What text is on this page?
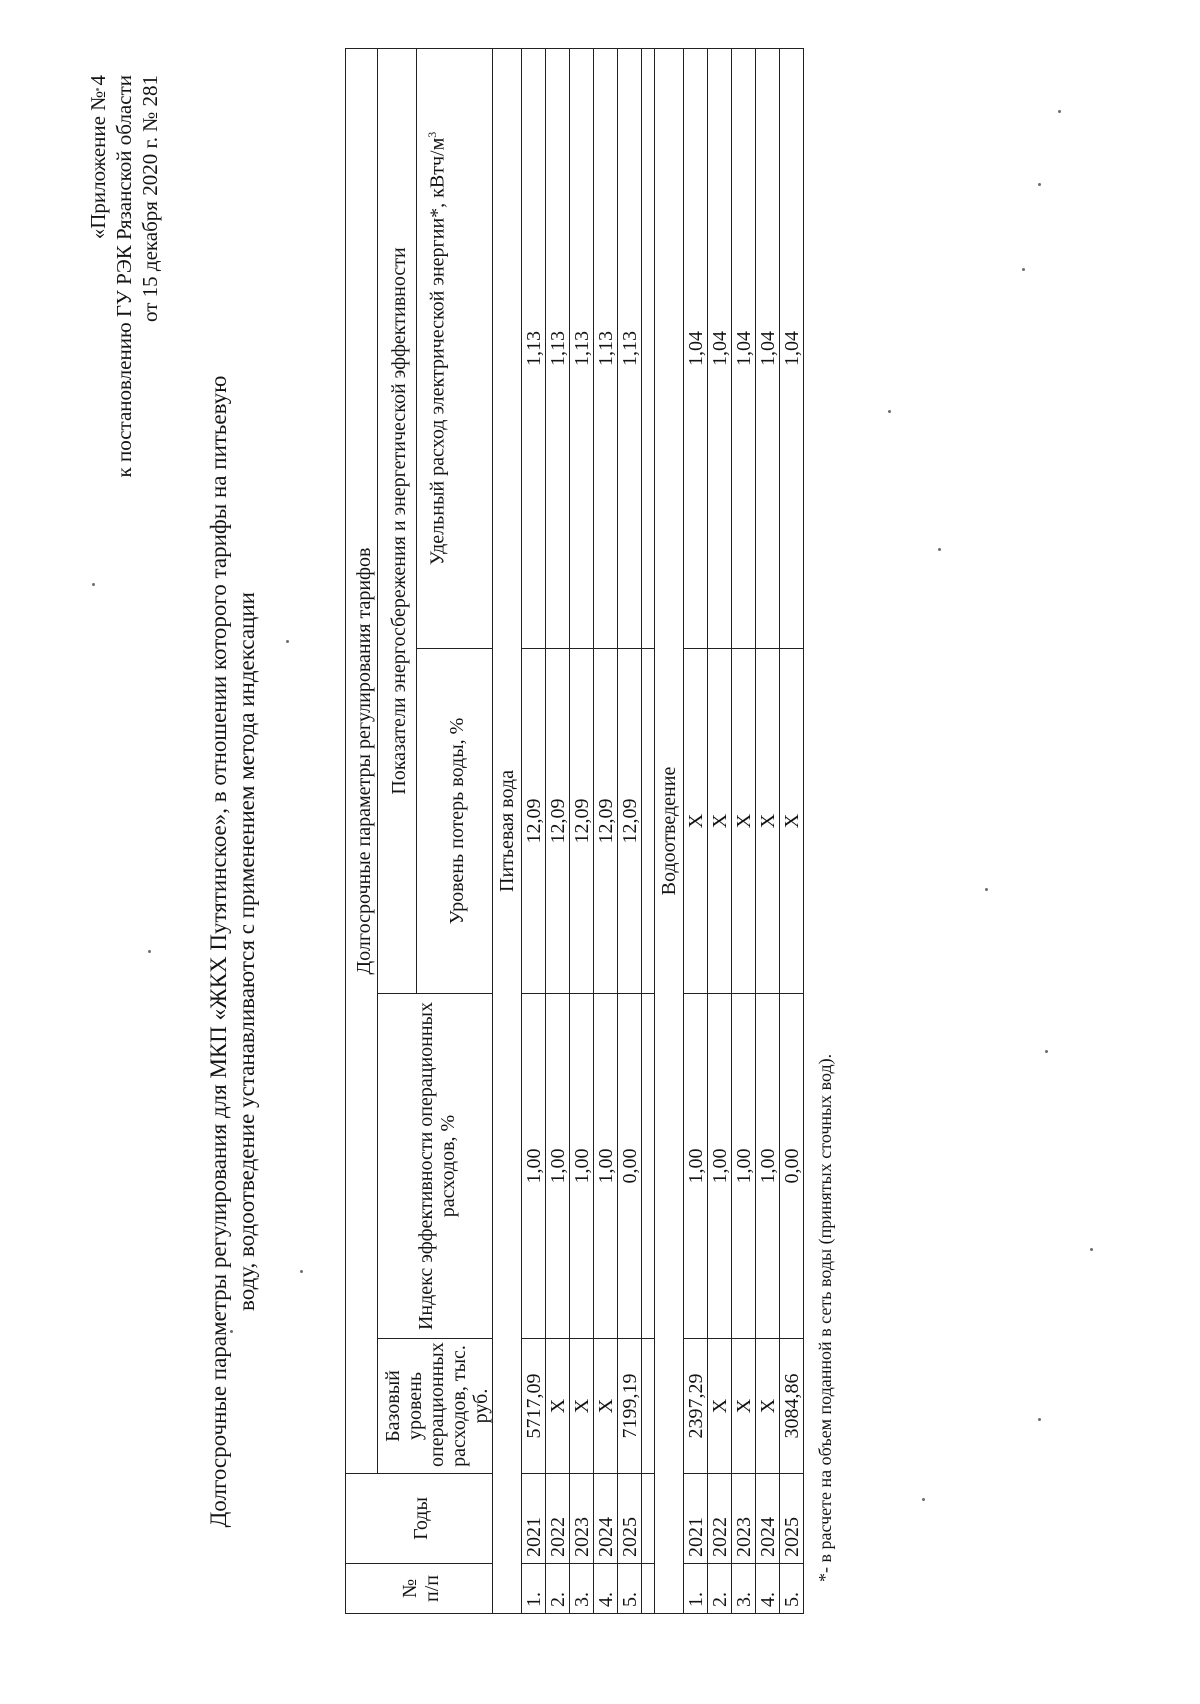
«Приложение № 4 к постановлению ГУ РЭК Рязанской области от 15 декабря 2020 г. № 281
Долгосрочные параметры регулирования для МКП «ЖКХ Путятинское», в отношении которого тарифы на питьевую воду, водоотведение устанавливаются с применением метода индексации
№ п/п	Годы	Долгосрочные параметры регулирования тарифов			
		Базовый уровень операционных расходов, тыс. руб.	Индекс эффективности операционных расходов, %	Показатели энергосбережения и энергетической эффективности	
				Уровень потерь воды, %	Удельный расход электрической энергии*, кВтч/$м^3$
Питьевая вода					
1.	2021	5717,09	1,00	12,09	1,13
2.	2022	Х	1,00	12,09	1,13
3.	2023	Х	1,00	12,09	1,13
4.	2024	Х	1,00	12,09	1,13
5.	2025	7199,19	0,00	12,09	1,13

Водоотведение					
1.	2021	2397,29	1,00	Х	1,04
2.	2022	Х	1,00	Х	1,04
3.	2023	Х	1,00	Х	1,04
4.	2024	Х	1,00	Х	1,04
5.	2025	3084,86	0,00	Х	1,04
*- в расчете на объем поданной в сеть воды (принятых сточных вод).
